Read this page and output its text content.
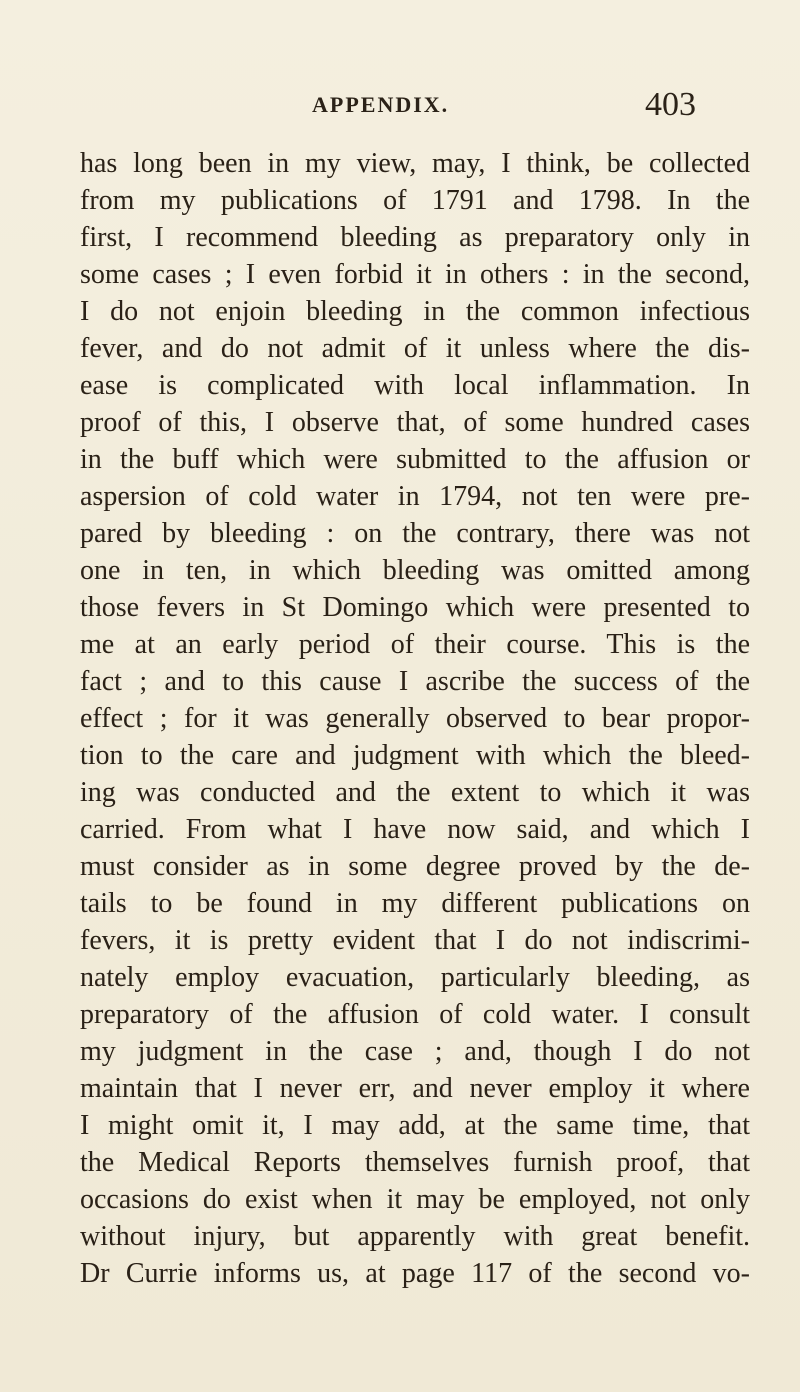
APPENDIX.	403
has long been in my view, may, I think, be collected
from my publications of 1791 and 1798. In the
first, I recommend bleeding as preparatory only in
some cases ; I even forbid it in others : in the second,
I do not enjoin bleeding in the common infectious
fever, and do not admit of it unless where the dis-
ease is complicated with local inflammation. In
proof of this, I observe that, of some hundred cases
in the buff which were submitted to the affusion or
aspersion of cold water in 1794, not ten were pre-
pared by bleeding : on the contrary, there was not
one in ten, in which bleeding was omitted among
those fevers in St Domingo which were presented to
me at an early period of their course. This is the
fact ; and to this cause I ascribe the success of the
effect ; for it was generally observed to bear propor-
tion to the care and judgment with which the bleed-
ing was conducted and the extent to which it was
carried. From what I have now said, and which I
must consider as in some degree proved by the de-
tails to be found in my different publications on
fevers, it is pretty evident that I do not indiscrimi-
nately employ evacuation, particularly bleeding, as
preparatory of the affusion of cold water. I consult
my judgment in the case ; and, though I do not
maintain that I never err, and never employ it where
I might omit it, I may add, at the same time, that
the Medical Reports themselves furnish proof, that
occasions do exist when it may be employed, not only
without injury, but apparently with great benefit.
Dr Currie informs us, at page 117 of the second vo-
